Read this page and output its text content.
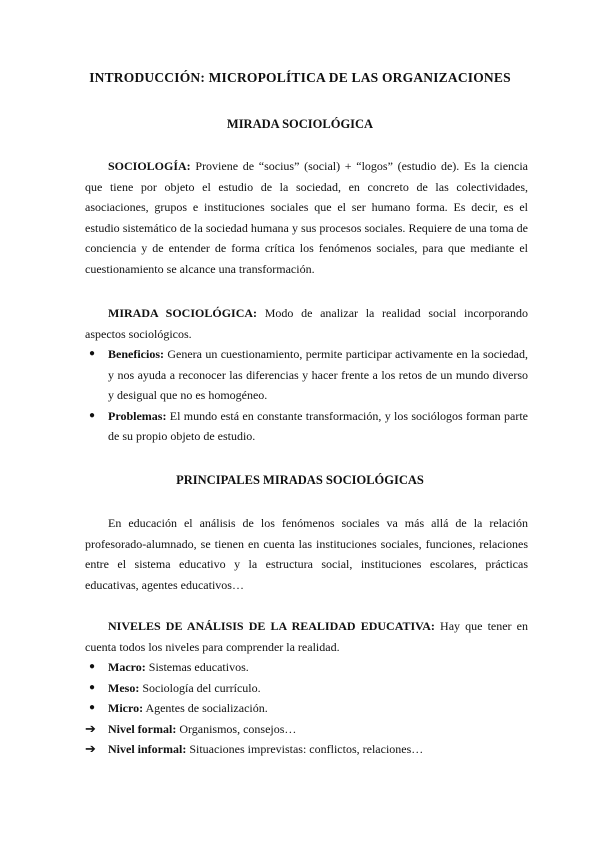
INTRODUCCIÓN: MICROPOLÍTICA DE LAS ORGANIZACIONES
MIRADA SOCIOLÓGICA

SOCIOLOGÍA: Proviene de “socius” (social) + “logos” (estudio de). Es la ciencia que tiene por objeto el estudio de la sociedad, en concreto de las colectividades, asociaciones, grupos e instituciones sociales que el ser humano forma. Es decir, es el estudio sistemático de la sociedad humana y sus procesos sociales. Requiere de una toma de conciencia y de entender de forma crítica los fenómenos sociales, para que mediante el cuestionamiento se alcance una transformación.

MIRADA SOCIOLÓGICA: Modo de analizar la realidad social incorporando aspectos sociológicos.

● Beneficios: Genera un cuestionamiento, permite participar activamente en la sociedad, y nos ayuda a reconocer las diferencias y hacer frente a los retos de un mundo diverso y desigual que no es homogéneo.
● Problemas: El mundo está en constante transformación, y los sociólogos forman parte de su propio objeto de estudio.
PRINCIPALES MIRADAS SOCIOLÓGICAS

En educación el análisis de los fenómenos sociales va más allá de la relación profesorado-alumnado, se tienen en cuenta las instituciones sociales, funciones, relaciones entre el sistema educativo y la estructura social, instituciones escolares, prácticas educativas, agentes educativos…

NIVELES DE ANÁLISIS DE LA REALIDAD EDUCATIVA: Hay que tener en cuenta todos los niveles para comprender la realidad.

● Macro: Sistemas educativos.
● Meso: Sociología del currículo.
● Micro: Agentes de socialización.
➔ Nivel formal: Organismos, consejos…
➔ Nivel informal: Situaciones imprevistas: conflictos, relaciones…
